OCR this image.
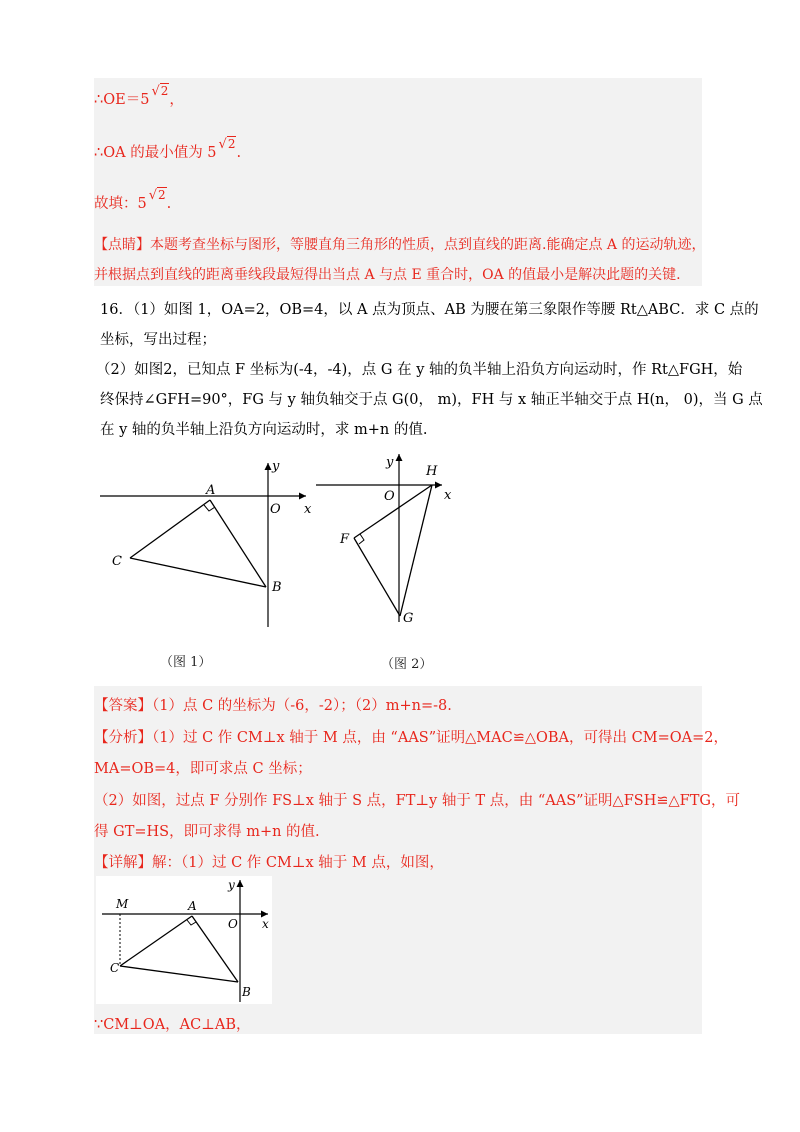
∴OE＝5√2，
∴OA 的最小值为 5√2.
故填：5√2.
【点睛】本题考查坐标与图形，等腰直角三角形的性质，点到直线的距离.能确定点 A 的运动轨迹，
并根据点到直线的距离垂线段最短得出当点 A 与点 E 重合时，OA 的值最小是解决此题的关键.
16．（1）如图 1，OA=2，OB=4，以 A 点为顶点、AB 为腰在第三象限作等腰 Rt△ABC．求 C 点的
坐标，写出过程；
（2）如图2，已知点 F 坐标为(-4，-4)，点 G 在 y 轴的负半轴上沿负方向运动时，作 Rt△FGH，始
终保持∠GFH=90°，FG 与 y 轴负轴交于点 G(0， m)，FH 与 x 轴正半轴交于点 H(n， 0)，当 G 点
在 y 轴的负半轴上沿负方向运动时，求 m+n 的值.
A
O x
y
C
B
（图 1）
y
H
O	x
F
G
（图 2）
【答案】（1）点 C 的坐标为（-6，-2）；（2）m+n=-8.
【分析】（1）过 C 作 CM⊥x 轴于 M 点，由 “AAS”证明△MAC≌△OBA，可得出 CM=OA=2，
MA=OB=4，即可求点 C 坐标；
（2）如图，过点 F 分别作 FS⊥x 轴于 S 点，FT⊥y 轴于 T 点，由 “AAS”证明△FSH≌△FTG，可
得 GT=HS，即可求得 m+n 的值.
【详解】解：（1）过 C 作 CM⊥x 轴于 M 点，如图，
M	A
O x
y
C
B
∵CM⊥OA，AC⊥AB，
